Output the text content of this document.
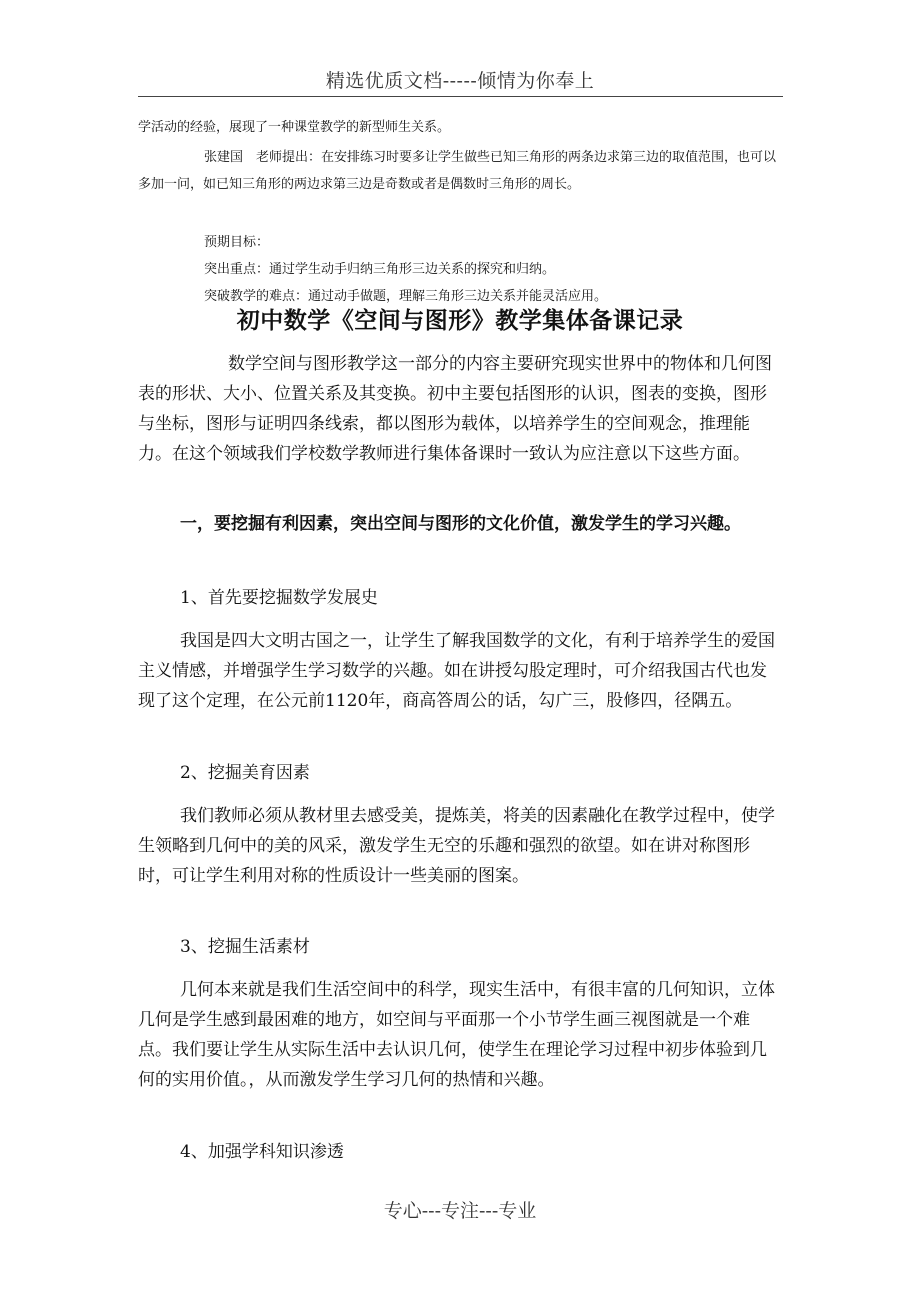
精选优质文档-----倾情为你奉上

学活动的经验，展现了一种课堂教学的新型师生关系。

张建国　老师提出：在安排练习时要多让学生做些已知三角形的两条边求第三边的取值范围，也可以多加一问，如已知三角形的两边求第三边是奇数或者是偶数时三角形的周长。

预期目标：

突出重点：通过学生动手归纳三角形三边关系的探究和归纳。

突破教学的难点：通过动手做题，理解三角形三边关系并能灵活应用。

初中数学《空间与图形》教学集体备课记录

数学空间与图形教学这一部分的内容主要研究现实世界中的物体和几何图表的形状、大小、位置关系及其变换。初中主要包括图形的认识，图表的变换，图形与坐标，图形与证明四条线索，都以图形为载体，以培养学生的空间观念，推理能力。在这个领域我们学校数学教师进行集体备课时一致认为应注意以下这些方面。

一，要挖掘有利因素，突出空间与图形的文化价值，激发学生的学习兴趣。

1、首先要挖掘数学发展史

我国是四大文明古国之一，让学生了解我国数学的文化，有利于培养学生的爱国主义情感，并增强学生学习数学的兴趣。如在讲授勾股定理时，可介绍我国古代也发现了这个定理，在公元前1120年，商高答周公的话，勾广三，股修四，径隅五。

2、挖掘美育因素

我们教师必须从教材里去感受美，提炼美，将美的因素融化在教学过程中，使学生领略到几何中的美的风采，激发学生无空的乐趣和强烈的欲望。如在讲对称图形时，可让学生利用对称的性质设计一些美丽的图案。

3、挖掘生活素材

几何本来就是我们生活空间中的科学，现实生活中，有很丰富的几何知识，立体几何是学生感到最困难的地方，如空间与平面那一个小节学生画三视图就是一个难点。我们要让学生从实际生活中去认识几何，使学生在理论学习过程中初步体验到几何的实用价值。，从而激发学生学习几何的热情和兴趣。

4、加强学科知识渗透

专心---专注---专业
